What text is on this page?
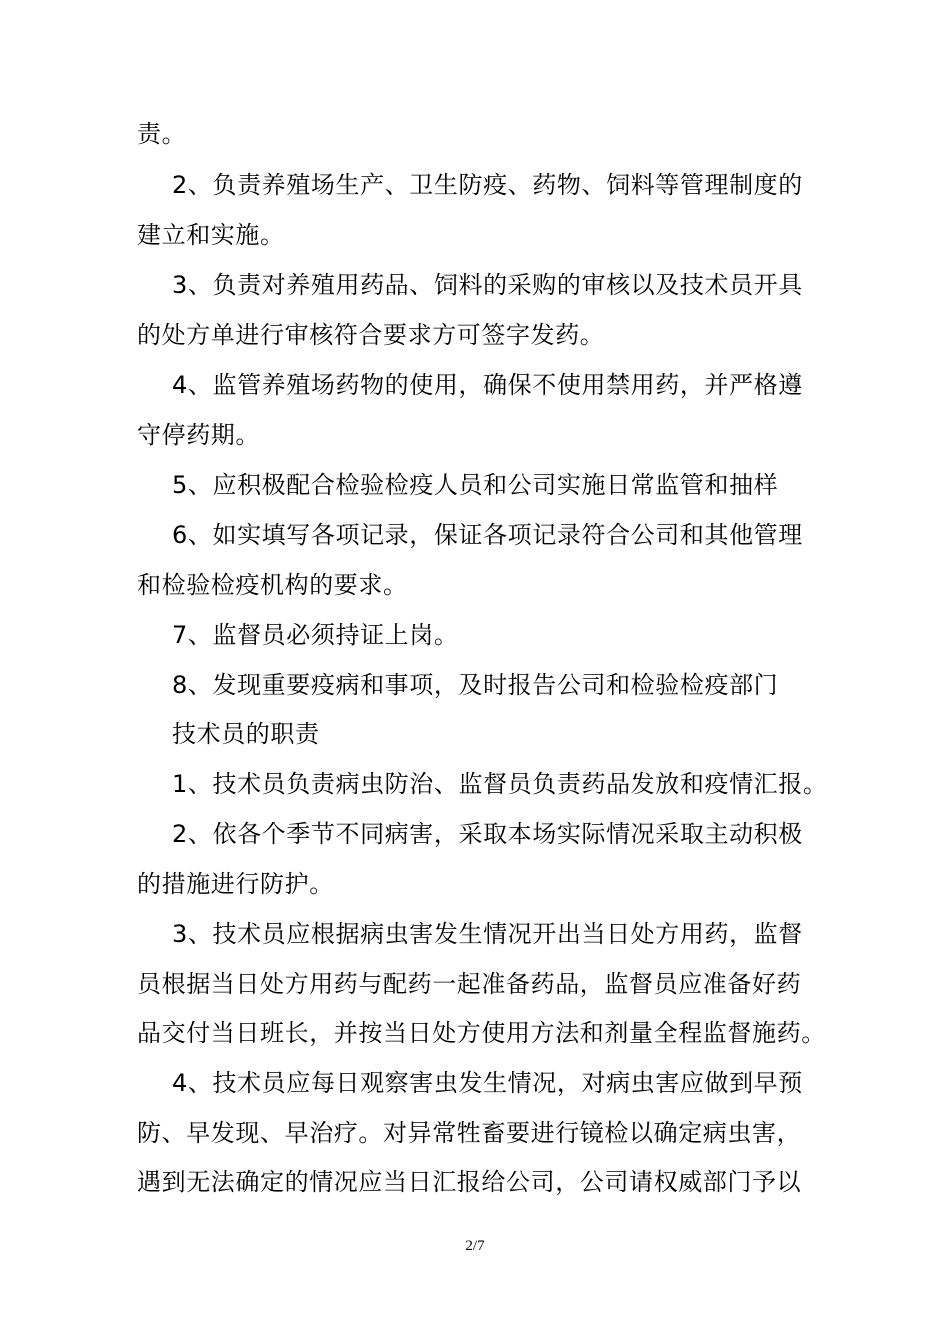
责。
2、负责养殖场生产、卫生防疫、药物、饲料等管理制度的
建立和实施。
3、负责对养殖用药品、饲料的采购的审核以及技术员开具
的处方单进行审核符合要求方可签字发药。
4、监管养殖场药物的使用，确保不使用禁用药，并严格遵
守停药期。
5、应积极配合检验检疫人员和公司实施日常监管和抽样
6、如实填写各项记录，保证各项记录符合公司和其他管理
和检验检疫机构的要求。
7、监督员必须持证上岗。
8、发现重要疫病和事项，及时报告公司和检验检疫部门
技术员的职责
1、技术员负责病虫防治、监督员负责药品发放和疫情汇报。
2、依各个季节不同病害，采取本场实际情况采取主动积极
的措施进行防护。
3、技术员应根据病虫害发生情况开出当日处方用药，监督
员根据当日处方用药与配药一起准备药品，监督员应准备好药
品交付当日班长，并按当日处方使用方法和剂量全程监督施药。
4、技术员应每日观察害虫发生情况，对病虫害应做到早预
防、早发现、早治疗。对异常牲畜要进行镜检以确定病虫害，
遇到无法确定的情况应当日汇报给公司，公司请权威部门予以
2/7
